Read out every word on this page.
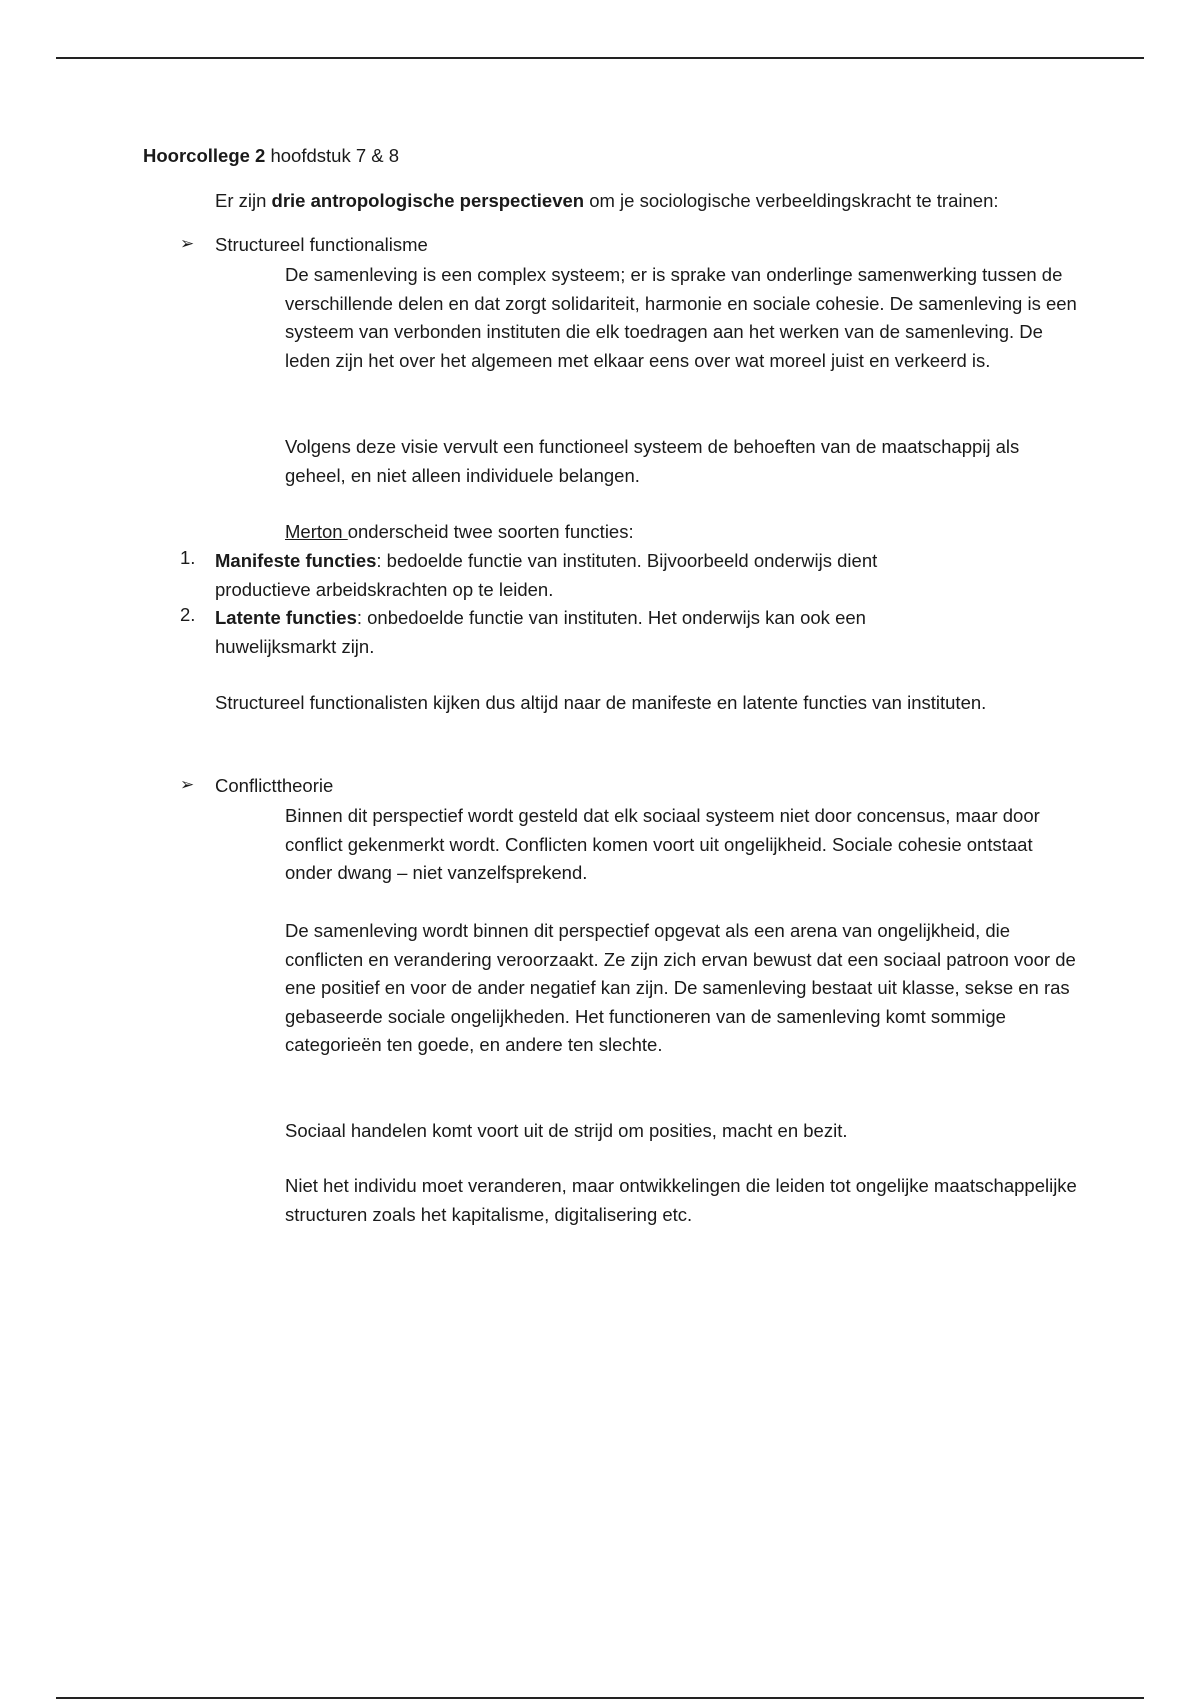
Hoorcollege 2 hoofdstuk 7 & 8
Er zijn drie antropologische perspectieven om je sociologische verbeeldingskracht te trainen:
➢	Structureel functionalisme
De samenleving is een complex systeem; er is sprake van onderlinge samenwerking tussen de verschillende delen en dat zorgt solidariteit, harmonie en sociale cohesie. De samenleving is een systeem van verbonden instituten die elk toedragen aan het werken van de samenleving. De leden zijn het over het algemeen met elkaar eens over wat moreel juist en verkeerd is.
Volgens deze visie vervult een functioneel systeem de behoeften van de maatschappij als geheel, en niet alleen individuele belangen.
Merton onderscheid twee soorten functies:
1.	Manifeste functies: bedoelde functie van instituten. Bijvoorbeeld onderwijs dient productieve arbeidskrachten op te leiden.
2.	Latente functies: onbedoelde functie van instituten. Het onderwijs kan ook een huwelijksmarkt zijn.
Structureel functionalisten kijken dus altijd naar de manifeste en latente functies van instituten.
➢	Conflicttheorie
Binnen dit perspectief wordt gesteld dat elk sociaal systeem niet door concensus, maar door conflict gekenmerkt wordt. Conflicten komen voort uit ongelijkheid. Sociale cohesie ontstaat onder dwang – niet vanzelfsprekend.
De samenleving wordt binnen dit perspectief opgevat als een arena van ongelijkheid, die conflicten en verandering veroorzaakt. Ze zijn zich ervan bewust dat een sociaal patroon voor de ene positief en voor de ander negatief kan zijn. De samenleving bestaat uit klasse, sekse en ras gebaseerde sociale ongelijkheden. Het functioneren van de samenleving komt sommige categorieën ten goede, en andere ten slechte.
Sociaal handelen komt voort uit de strijd om posities, macht en bezit.
Niet het individu moet veranderen, maar ontwikkelingen die leiden tot ongelijke maatschappelijke structuren zoals het kapitalisme, digitalisering etc.
